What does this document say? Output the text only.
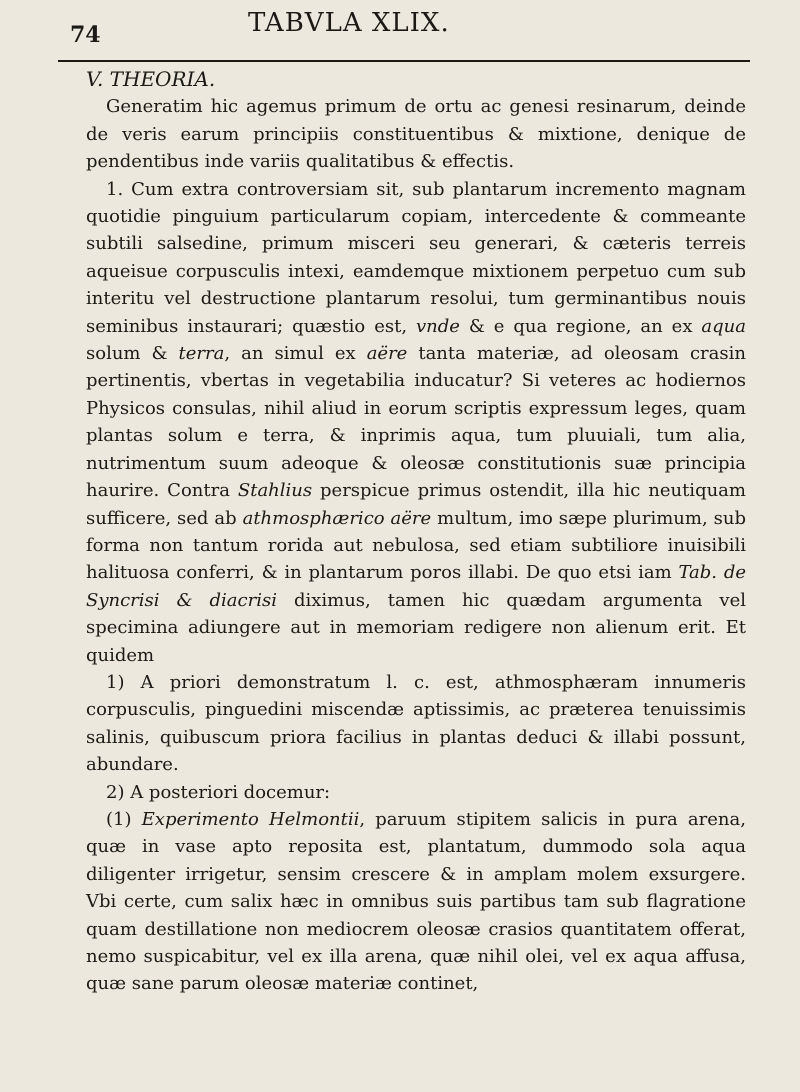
74	TABVLA XLIX.
V. THEORIA.

Generatim hic agemus primum de ortu ac genesi resinarum, deinde de veris earum principiis constituentibus & mixtione, denique de pendentibus inde variis qualitatibus & effectis.

1. Cum extra controversiam sit, sub plantarum incremento magnam quotidie pinguium particularum copiam, intercedente & commeante subtili salsedine, primum misceri seu generari, & cæteris terreis aqueisue corpusculis intexi, eamdemque mixtionem perpetuo cum sub interitu vel destructione plantarum resolui, tum germinantibus nouis seminibus instaurari; quæstio est, vnde & e qua regione, an ex aqua solum & terra, an simul ex aëre tanta materiæ, ad oleosam crasin pertinentis, vbertas in vegetabilia inducatur? Si veteres ac hodiernos Physicos consulas, nihil aliud in eorum scriptis expressum leges, quam plantas solum e terra, & inprimis aqua, tum pluuiali, tum alia, nutrimentum suum adeoque & oleosæ constitutionis suæ principia haurire. Contra Stahlius perspicue primus ostendit, illa hic neutiquam sufficere, sed ab athmosphærico aëre multum, imo sæpe plurimum, sub forma non tantum rorida aut nebulosa, sed etiam subtiliore inuisibili halituosa conferri, & in plantarum poros illabi. De quo etsi iam Tab. de Syncrisi & diacrisi diximus, tamen hic quædam argumenta vel specimina adiungere aut in memoriam redigere non alienum erit. Et quidem

1) A priori demonstratum l. c. est, athmosphæram innumeris corpusculis, pinguedini miscendæ aptissimis, ac præterea tenuissimis salinis, quibuscum priora facilius in plantas deduci & illabi possunt, abundare.

2) A posteriori docemur:

(1) Experimento Helmontii, paruum stipitem salicis in pura arena, quæ in vase apto reposita est, plantatum, dummodo sola aqua diligenter irrigetur, sensim crescere & in amplam molem exsurgere. Vbi certe, cum salix hæc in omnibus suis partibus tam sub flagratione quam destillatione non mediocrem oleosæ crasios quantitatem offerat, nemo suspicabitur, vel ex illa arena, quæ nihil olei, vel ex aqua affusa, quæ sane parum oleosæ materiæ continet,
